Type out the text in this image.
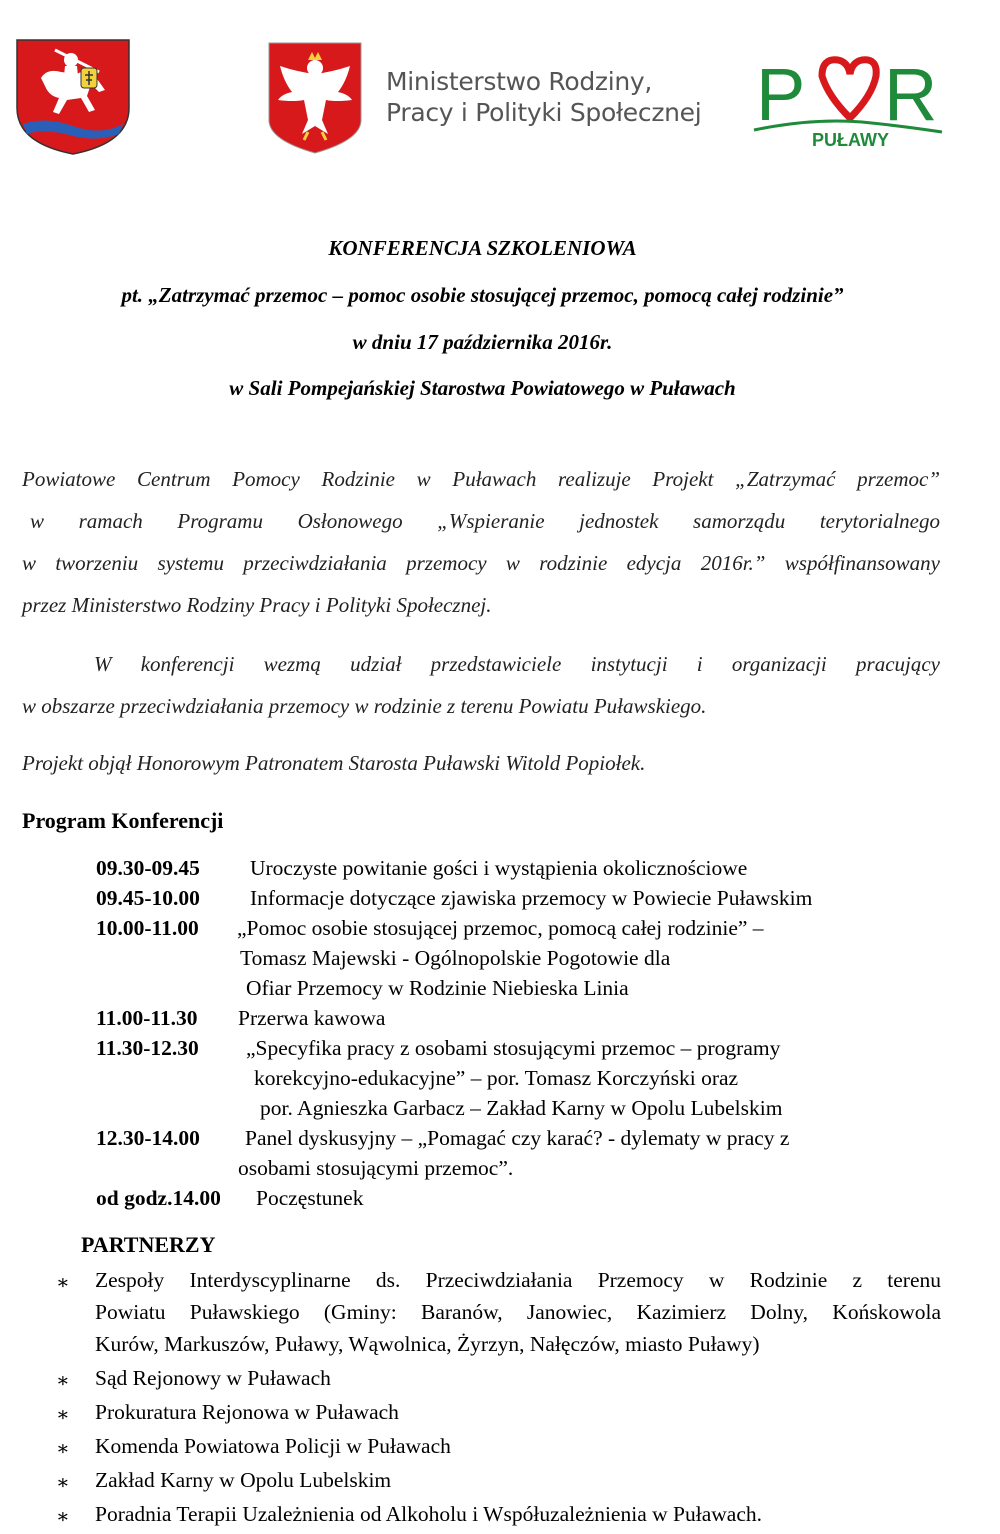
Ministerstwo Rodziny,
Pracy i Polityki Społecznej P R
PUŁAWY
KONFERENCJA SZKOLENIOWA
pt. „Zatrzymać przemoc – pomoc osobie stosującej przemoc, pomocą całej rodzinie”
w dniu 17 października 2016r.
w Sali Pompejańskiej Starostwa Powiatowego w Puławach
Powiatowe Centrum Pomocy Rodzinie w Puławach realizuje Projekt „Zatrzymać przemoc”
w ramach Programu Osłonowego „Wspieranie jednostek samorządu terytorialnego
w tworzeniu systemu przeciwdziałania przemocy w rodzinie edycja 2016r.” współfinansowany
przez Ministerstwo Rodziny Pracy i Polityki Społecznej.
W konferencji wezmą udział przedstawiciele instytucji i organizacji pracujący
w obszarze przeciwdziałania przemocy w rodzinie z terenu Powiatu Puławskiego.
Projekt objął Honorowym Patronatem Starosta Puławski Witold Popiołek.
Program Konferencji
09.30-09.45 Uroczyste powitanie gości i wystąpienia okolicznościowe
09.45-10.00 Informacje dotyczące zjawiska przemocy w Powiecie Puławskim
10.00-11.00 „Pomoc osobie stosującej przemoc, pomocą całej rodzinie” –
Tomasz Majewski - Ogólnopolskie Pogotowie dla
Ofiar Przemocy w Rodzinie Niebieska Linia
11.00-11.30 Przerwa kawowa
11.30-12.30 „Specyfika pracy z osobami stosującymi przemoc – programy
korekcyjno-edukacyjne” – por. Tomasz Korczyński oraz
por. Agnieszka Garbacz – Zakład Karny w Opolu Lubelskim
12.30-14.00 Panel dyskusyjny – „Pomagać czy karać? - dylematy w pracy z
osobami stosującymi przemoc”.
od godz.14.00 Poczęstunek
PARTNERZY
∗ Zespoły Interdyscyplinarne ds. Przeciwdziałania Przemocy w Rodzinie z terenu
Powiatu Puławskiego (Gminy: Baranów, Janowiec, Kazimierz Dolny, Końskowola
Kurów, Markuszów, Puławy, Wąwolnica, Żyrzyn, Nałęczów, miasto Puławy)
∗ Sąd Rejonowy w Puławach
∗ Prokuratura Rejonowa w Puławach
∗ Komenda Powiatowa Policji w Puławach
∗ Zakład Karny w Opolu Lubelskim
∗ Poradnia Terapii Uzależnienia od Alkoholu i Współuzależnienia w Puławach.
